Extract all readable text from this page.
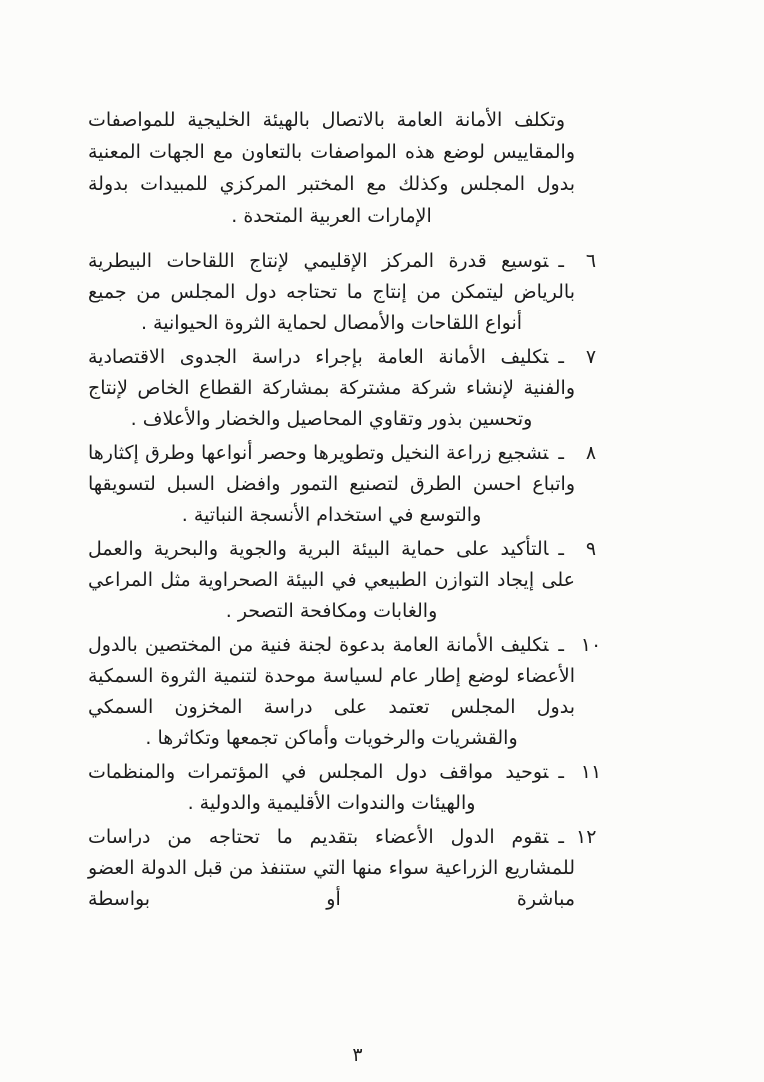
وتكلف الأمانة العامة بالاتصال بالهيئة الخليجية للمواصفات والمقاييس لوضع هذه المواصفات بالتعاون مع الجهات المعنية بدول المجلس وكذلك مع المختبر المركزي للمبيدات بدولة الإمارات العربية المتحدة .

٦ـتوسيع قدرة المركز الإقليمي لإنتاج اللقاحات البيطرية بالرياض ليتمكن من إنتاج ما تحتاجه دول المجلس من جميع أنواع اللقاحات والأمصال لحماية الثروة الحيوانية .
٧ـتكليف الأمانة العامة بإجراء دراسة الجدوى الاقتصادية والفنية لإنشاء شركة مشتركة بمشاركة القطاع الخاص لإنتاج وتحسين بذور وتقاوي المحاصيل والخضار والأعلاف .
٨ـتشجيع زراعة النخيل وتطويرها وحصر أنواعها وطرق إكثارها واتباع احسن الطرق لتصنيع التمور وافضل السبل لتسويقها والتوسع في استخدام الأنسجة النباتية .
٩ـالتأكيد على حماية البيئة البرية والجوية والبحرية والعمل على إيجاد التوازن الطبيعي في البيئة الصحراوية مثل المراعي والغابات ومكافحة التصحر .
١٠ـتكليف الأمانة العامة بدعوة لجنة فنية من المختصين بالدول الأعضاء لوضع إطار عام لسياسة موحدة لتنمية الثروة السمكية بدول المجلس تعتمد على دراسة المخزون السمكي والقشريات والرخويات وأماكن تجمعها وتكاثرها .
١١ـتوحيد مواقف دول المجلس في المؤتمرات والمنظمات والهيئات والندوات الأقليمية والدولية .
١٢ـتقوم الدول الأعضاء بتقديم ما تحتاجه من دراسات للمشاريع الزراعية سواء منها التي ستنفذ من قبل الدولة العضو مباشرة أو بواسطة
٣
